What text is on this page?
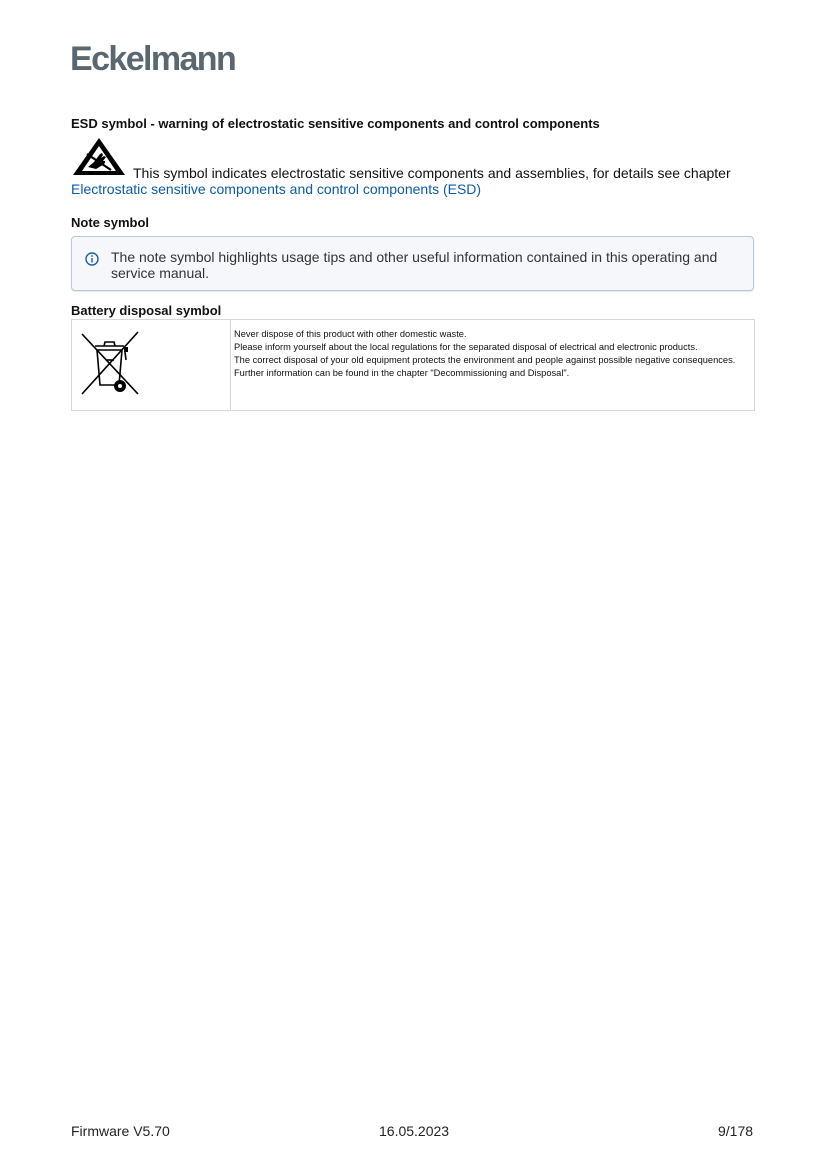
Eckelmann
ESD symbol - warning of electrostatic sensitive components and control components
This symbol indicates electrostatic sensitive components and assemblies, for details see chapter
Electrostatic sensitive components and control components (ESD)
Note symbol
The note symbol highlights usage tips and other useful information contained in this operating and service manual.
Battery disposal symbol

Never dispose of this product with other domestic waste.

Please inform yourself about the local regulations for the separated disposal of electrical and electronic products.

The correct disposal of your old equipment protects the environment and people against possible negative consequences. Further information can be found in the chapter "Decommissioning and Disposal".

Firmware V5.70	16.05.2023	9/178
